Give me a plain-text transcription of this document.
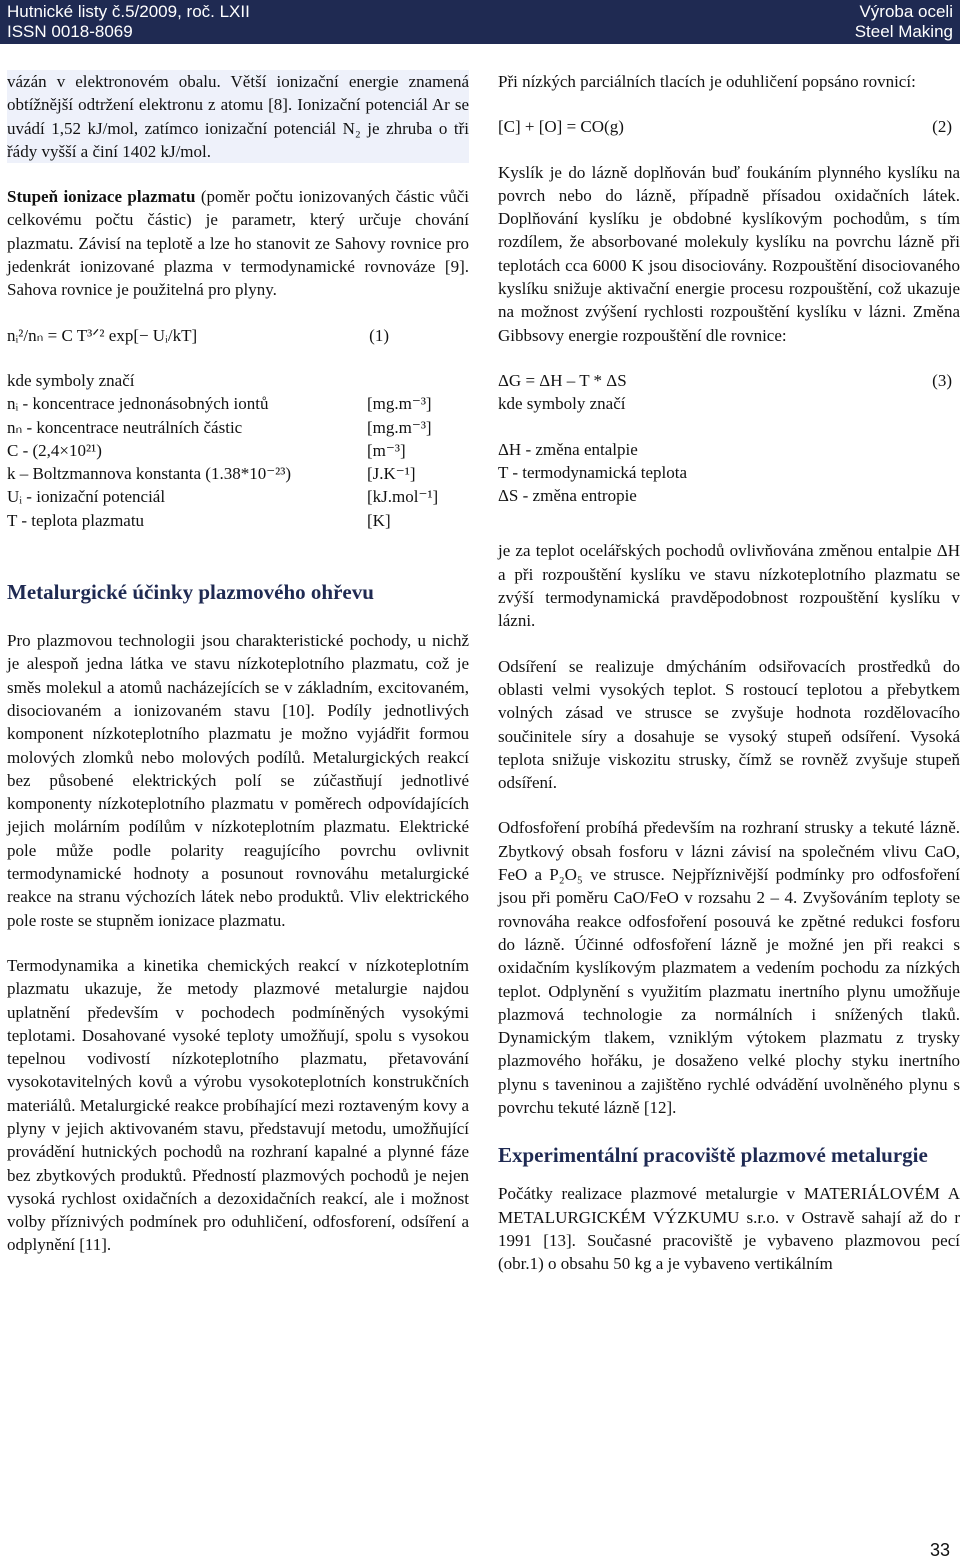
Hutnické listy č.5/2009, roč. LXII
ISSN 0018-8069
Výroba oceli
Steel Making

vázán v elektronovém obalu. Větší ionizační energie znamená obtížnější odtržení elektronu z atomu [8]. Ionizační potenciál Ar se uvádí 1,52 kJ/mol, zatímco ionizační potenciál N₂ je zhruba o tři řády vyšší a činí 1402 kJ/mol.

Stupeň ionizace plazmatu (poměr počtu ionizovaných částic vůči celkovému počtu částic) je parametr, který určuje chování plazmatu. Závisí na teplotě a lze ho stanovit ze Sahovy rovnice pro jedenkrát ionizované plazma v termodynamické rovnováze [9]. Sahova rovnice je použitelná pro plyny.

nᵢ²/nₙ = C T³ᐟ² exp[− Uᵢ/kT]	(1)
kde symboly značí
nᵢ - koncentrace jednonásobných iontů	[mg.m⁻³]
nₙ - koncentrace neutrálních částic	[mg.m⁻³]
C - (2,4×10²¹)	[m⁻³]
k – Boltzmannova konstanta (1.38*10⁻²³)	[J.K⁻¹]
Uᵢ - ionizační potenciál	[kJ.mol⁻¹]
T - teplota plazmatu	[K]
Metalurgické účinky plazmového ohřevu

Pro plazmovou technologii jsou charakteristické pochody, u nichž je alespoň jedna látka ve stavu nízkoteplotního plazmatu, což je směs molekul a atomů nacházejících se v základním, excitovaném, disociovaném a ionizovaném stavu [10]. Podíly jednotlivých komponent nízkoteplotního plazmatu je možno vyjádřit formou molových zlomků nebo molových podílů. Metalurgických reakcí bez působené elektrických polí se zúčastňují jednotlivé komponenty nízkoteplotního plazmatu v poměrech odpovídajících jejich molárním podílům v nízkoteplotním plazmatu. Elektrické pole může podle polarity reagujícího povrchu ovlivnit termodynamické hodnoty a posunout rovnováhu metalurgické reakce na stranu výchozích látek nebo produktů. Vliv elektrického pole roste se stupněm ionizace plazmatu.

Termodynamika a kinetika chemických reakcí v nízkoteplotním plazmatu ukazuje, že metody plazmové metalurgie najdou uplatnění především v pochodech podmíněných vysokými teplotami. Dosahované vysoké teploty umožňují, spolu s vysokou tepelnou vodivostí nízkoteplotního plazmatu, přetavování vysokotavitelných kovů a výrobu vysokoteplotních konstrukčních materiálů. Metalurgické reakce probíhající mezi roztaveným kovy a plyny v jejich aktivovaném stavu, představují metodu, umožňující provádění hutnických pochodů na rozhraní kapalné a plynné fáze bez zbytkových produktů. Předností plazmových pochodů je nejen vysoká rychlost oxidačních a dezoxidačních reakcí, ale i možnost volby příznivých podmínek pro oduhličení, odfosforení, odsíření a odplynění [11].

Při nízkých parciálních tlacích je oduhličení popsáno rovnicí:

[C] + [O] = CO(g)	(2)

Kyslík je do lázně doplňován buď foukáním plynného kyslíku na povrch nebo do lázně, případně přísadou oxidačních látek. Doplňování kyslíku je obdobné kyslíkovým pochodům, s tím rozdílem, že absorbované molekuly kyslíku na povrchu lázně při teplotách cca 6000 K jsou disociovány. Rozpouštění disociovaného kyslíku snižuje aktivační energie procesu rozpouštění, což ukazuje na možnost zvýšení rychlosti rozpouštění kyslíku v lázni. Změna Gibbsovy energie rozpouštění dle rovnice:

ΔG = ΔH – T * ΔS	(3)
kde symboly značí
ΔH - změna entalpie
T - termodynamická teplota
ΔS - změna entropie

je za teplot ocelářských pochodů ovlivňována změnou entalpie ΔH a při rozpouštění kyslíku ve stavu nízkoteplotního plazmatu se zvýší termodynamická pravděpodobnost rozpouštění kyslíku v lázni.

Odsíření se realizuje dmýcháním odsiřovacích prostředků do oblasti velmi vysokých teplot. S rostoucí teplotou a přebytkem volných zásad ve strusce se zvyšuje hodnota rozdělovacího součinitele síry a dosahuje se vysoký stupeň odsíření. Vysoká teplota snižuje viskozitu strusky, čímž se rovněž zvyšuje stupeň odsíření.

Odfosfoření probíhá především na rozhraní strusky a tekuté lázně. Zbytkový obsah fosforu v lázni závisí na společném vlivu CaO, FeO a P₂O₅ ve strusce. Nejpříznivější podmínky pro odfosfoření jsou při poměru CaO/FeO v rozsahu 2 – 4. Zvyšováním teploty se rovnováha reakce odfosfoření posouvá ke zpětné redukci fosforu do lázně. Účinné odfosfoření lázně je možné jen při reakci s oxidačním kyslíkovým plazmatem a vedením pochodu za nízkých teplot. Odplynění s využitím plazmatu inertního plynu umožňuje plazmová technologie za normálních i snížených tlaků. Dynamickým tlakem, vzniklým výtokem plazmatu z trysky plazmového hořáku, je dosaženo velké plochy styku inertního plynu s taveninou a zajištěno rychlé odvádění uvolněného plynu s povrchu tekuté lázně [12].

Experimentální pracoviště plazmové metalurgie

Počátky realizace plazmové metalurgie v MATERIÁLOVÉM A METALURGICKÉM VÝZKUMU s.r.o. v Ostravě sahají až do r 1991 [13]. Současné pracoviště je vybaveno plazmovou pecí (obr.1) o obsahu 50 kg a je vybaveno vertikálním

33
